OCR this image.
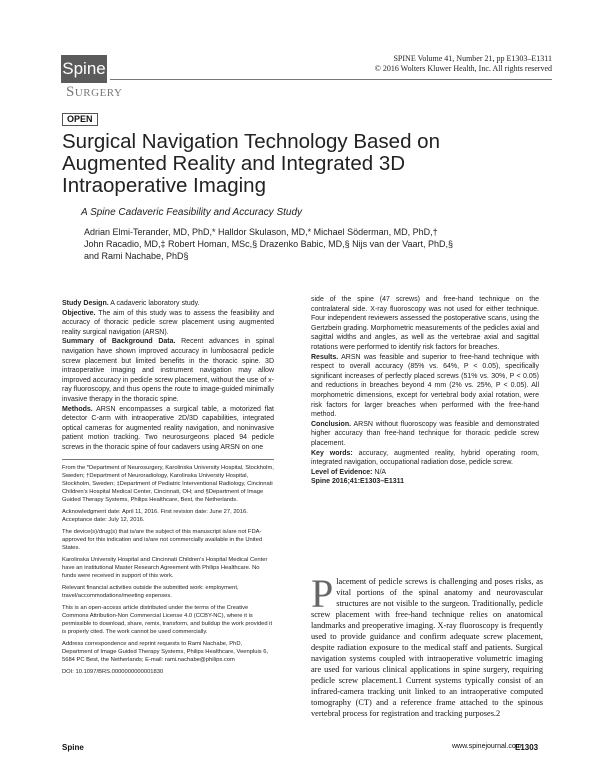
Spine
Surgery
SPINE Volume 41, Number 21, pp E1303–E1311
© 2016 Wolters Kluwer Health, Inc. All rights reserved
OPEN
Surgical Navigation Technology Based on Augmented Reality and Integrated 3D Intraoperative Imaging
A Spine Cadaveric Feasibility and Accuracy Study
Adrian Elmi-Terander, MD, PhD,* Halldor Skulason, MD,* Michael Söderman, MD, PhD,†
John Racadio, MD,‡ Robert Homan, MSc,§ Drazenko Babic, MD,§ Nijs van der Vaart, PhD,§
and Rami Nachabe, PhD§

Study Design. A cadaveric laboratory study.

Objective. The aim of this study was to assess the feasibility and accuracy of thoracic pedicle screw placement using augmented reality surgical navigation (ARSN).

Summary of Background Data. Recent advances in spinal navigation have shown improved accuracy in lumbosacral pedicle screw placement but limited benefits in the thoracic spine. 3D intraoperative imaging and instrument navigation may allow improved accuracy in pedicle screw placement, without the use of x-ray fluoroscopy, and thus opens the route to image-guided minimally invasive therapy in the thoracic spine.

Methods. ARSN encompasses a surgical table, a motorized flat detector C-arm with intraoperative 2D/3D capabilities, integrated optical cameras for augmented reality navigation, and noninvasive patient motion tracking. Two neurosurgeons placed 94 pedicle screws in the thoracic spine of four cadavers using ARSN on one

side of the spine (47 screws) and free-hand technique on the contralateral side. X-ray fluoroscopy was not used for either technique. Four independent reviewers assessed the postoperative scans, using the Gertzbein grading. Morphometric measurements of the pedicles axial and sagittal widths and angles, as well as the vertebrae axial and sagittal rotations were performed to identify risk factors for breaches.

Results. ARSN was feasible and superior to free-hand technique with respect to overall accuracy (85% vs. 64%, P < 0.05), specifically significant increases of perfectly placed screws (51% vs. 30%, P < 0.05) and reductions in breaches beyond 4 mm (2% vs. 25%, P < 0.05). All morphometric dimensions, except for vertebral body axial rotation, were risk factors for larger breaches when performed with the free-hand method.

Conclusion. ARSN without fluoroscopy was feasible and demonstrated higher accuracy than free-hand technique for thoracic pedicle screw placement.

Key words: accuracy, augmented reality, hybrid operating room, integrated navigation, occupational radiation dose, pedicle screw.

Level of Evidence: N/A

Spine 2016;41:E1303–E1311

From the *Department of Neurosurgery, Karolinska University Hospital, Stockholm, Sweden; †Department of Neuroradiology, Karolinska University Hospital, Stockholm, Sweden; ‡Department of Pediatric Interventional Radiology, Cincinnati Children's Hospital Medical Center, Cincinnati, OH; and §Department of Image Guided Therapy Systems, Philips Healthcare, Best, the Netherlands.

Acknowledgment date: April 11, 2016. First revision date: June 27, 2016. Acceptance date: July 12, 2016.

The device(s)/drug(s) that is/are the subject of this manuscript is/are not FDA-approved for this indication and is/are not commercially available in the United States.

Karolinska University Hospital and Cincinnati Children's Hospital Medical Center have an institutional Master Research Agreement with Philips Healthcare. No funds were received in support of this work.

Relevant financial activities outside the submitted work: employment, travel/accommodations/meeting expenses.

This is an open-access article distributed under the terms of the Creative Commons Attribution-Non Commercial License 4.0 (CCBY-NC), where it is permissible to download, share, remix, transform, and buildup the work provided it is properly cited. The work cannot be used commercially.

Address correspondence and reprint requests to Rami Nachabe, PhD, Department of Image Guided Therapy Systems, Philips Healthcare, Veenpluis 6, 5684 PC Best, the Netherlands; E-mail: rami.nachabe@philips.com

DOI: 10.1097/BRS.0000000000001830

Placement of pedicle screws is challenging and poses risks, as vital portions of the spinal anatomy and neurovascular structures are not visible to the surgeon. Traditionally, pedicle screw placement with free-hand technique relies on anatomical landmarks and preoperative imaging. X-ray fluoroscopy is frequently used to provide guidance and confirm adequate screw placement, despite radiation exposure to the medical staff and patients. Surgical navigation systems coupled with intraoperative volumetric imaging are used for various clinical applications in spine surgery, requiring pedicle screw placement.1 Current systems typically consist of an infrared-camera tracking unit linked to an intraoperative computed tomography (CT) and a reference frame attached to the spinous vertebral process for registration and tracking purposes.2
Spine	www.spinejournal.com
E1303
